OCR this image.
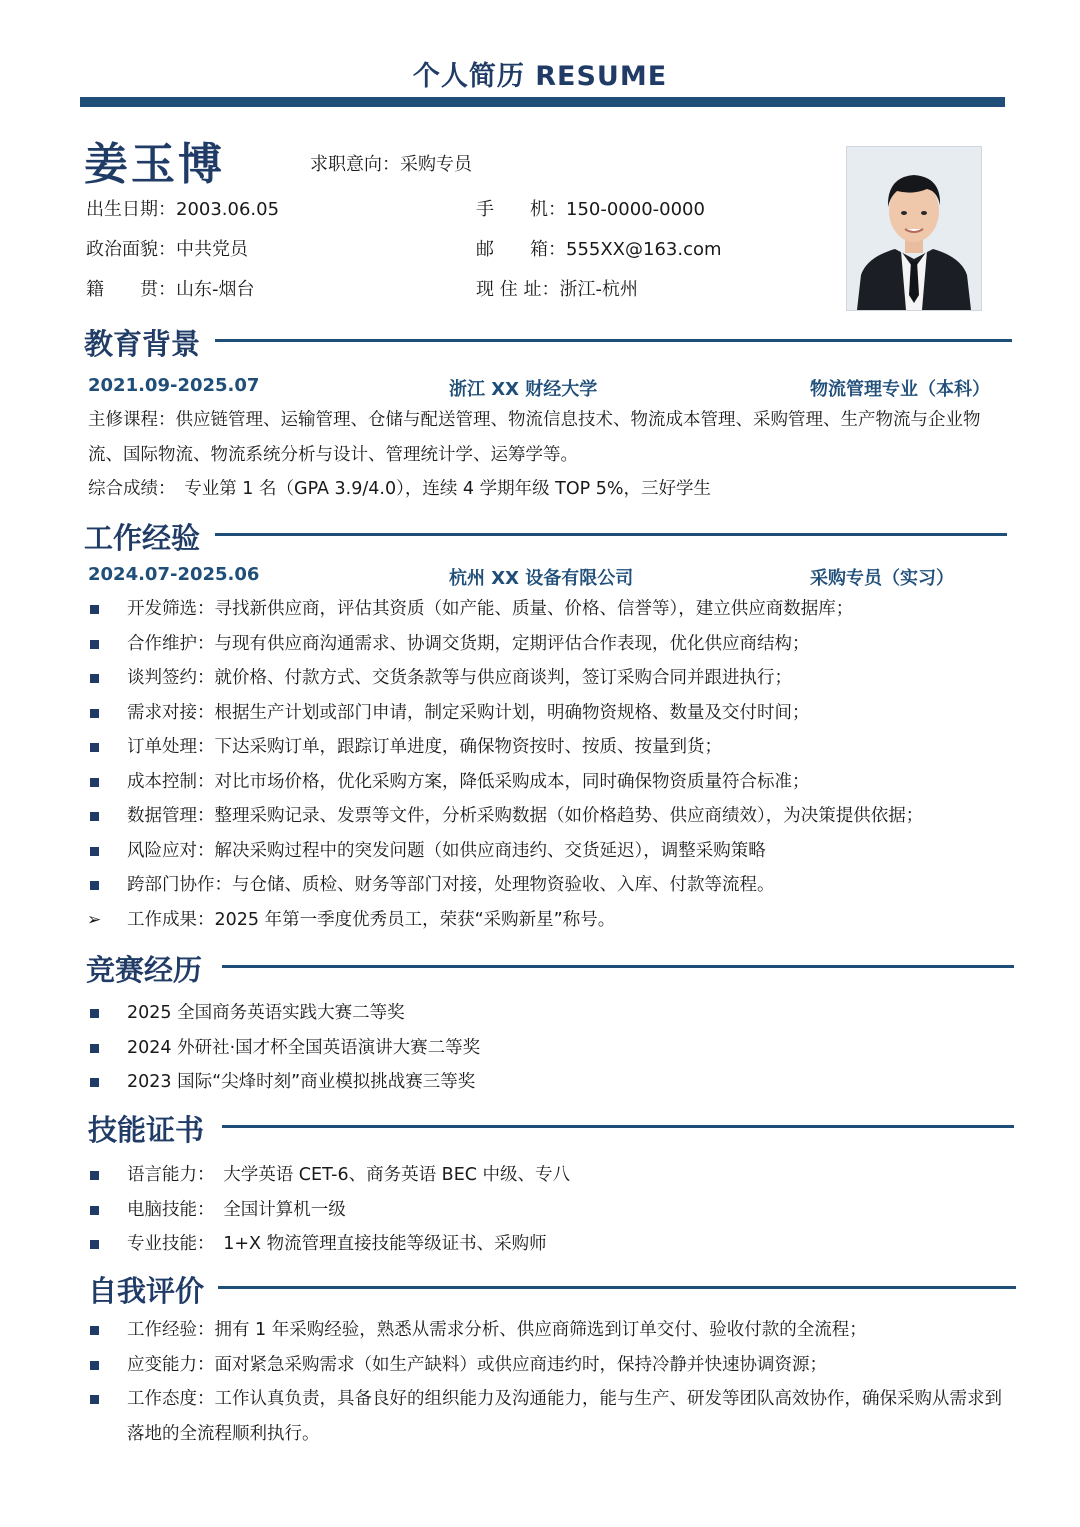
个人简历 RESUME
姜玉博	求职意向：采购专员
出生日期：2003.06.05	手　　机：150-0000-0000
政治面貌：中共党员	邮　　箱：555XX@163.com
籍　　贯：山东-烟台	现 住 址：浙江-杭州
教育背景
2021.09-2025.07	浙江 XX 财经大学	物流管理专业（本科）
主修课程：供应链管理、运输管理、仓储与配送管理、物流信息技术、物流成本管理、采购管理、生产物流与企业物流、国际物流、物流系统分析与设计、管理统计学、运筹学等。
综合成绩：　专业第 1 名（GPA 3.9/4.0），连续 4 学期年级 TOP 5%，三好学生
工作经验
2024.07-2025.06	杭州 XX 设备有限公司	采购专员（实习）
开发筛选：寻找新供应商，评估其资质（如产能、质量、价格、信誉等），建立供应商数据库；
合作维护：与现有供应商沟通需求、协调交货期，定期评估合作表现，优化供应商结构；
谈判签约：就价格、付款方式、交货条款等与供应商谈判，签订采购合同并跟进执行；
需求对接：根据生产计划或部门申请，制定采购计划，明确物资规格、数量及交付时间；
订单处理：下达采购订单，跟踪订单进度，确保物资按时、按质、按量到货；
成本控制：对比市场价格，优化采购方案，降低采购成本，同时确保物资质量符合标准；
数据管理：整理采购记录、发票等文件，分析采购数据（如价格趋势、供应商绩效），为决策提供依据；
风险应对：解决采购过程中的突发问题（如供应商违约、交货延迟），调整采购策略
跨部门协作：与仓储、质检、财务等部门对接，处理物资验收、入库、付款等流程。
➢ 工作成果：2025 年第一季度优秀员工，荣获“采购新星”称号。
竞赛经历
2025 全国商务英语实践大赛二等奖
2024 外研社·国才杯全国英语演讲大赛二等奖
2023 国际“尖烽时刻”商业模拟挑战赛三等奖
技能证书
语言能力：　大学英语 CET-6、商务英语 BEC 中级、专八
电脑技能：　全国计算机一级
专业技能：　1+X 物流管理直接技能等级证书、采购师
自我评价
工作经验：拥有 1 年采购经验，熟悉从需求分析、供应商筛选到订单交付、验收付款的全流程；
应变能力：面对紧急采购需求（如生产缺料）或供应商违约时，保持冷静并快速协调资源；
工作态度：工作认真负责，具备良好的组织能力及沟通能力，能与生产、研发等团队高效协作，确保采购从需求到落地的全流程顺利执行。
